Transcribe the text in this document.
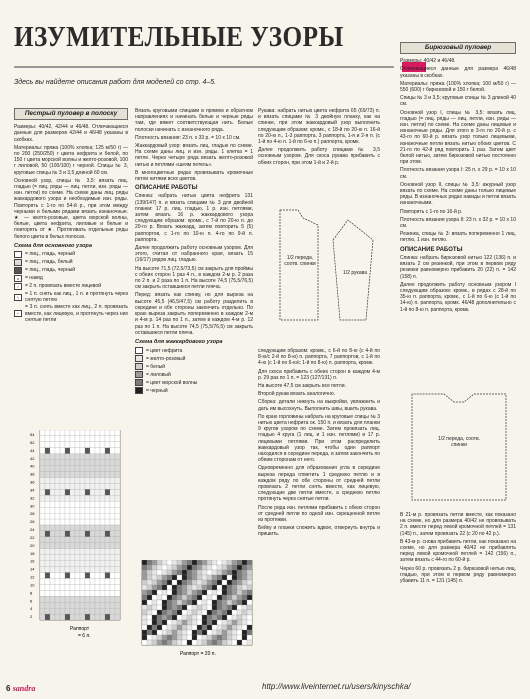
ИЗУМИТЕЛЬНЫЕ УЗОРЫ
Здесь вы найдете описания работ для моделей со стр. 4–5.
Пестрый пуловер в полоску

Размеры: 40/42, 42/44 и 46/48. Отличающиеся данные для размеров 42/44 и 46/48 указаны в скобках.

Материалы: пряжа (100% хлопка; 125 м/50 г) — по 200 (250/250) г цвета нефрита и белой, по 150 г цвета морской волны и желто-розовой, 100 г лиловой, 50 (100/100) г черной. Спицы № 3, круговые спицы № 3 и 3,5 длиной 60 см.

Основной узор, спицы № 3,5: вязать лиц. гладью (= лиц. ряды — лиц. петли, изн. ряды — изн. петли) по схеме. На схеме даны лиц. ряды жаккардового узора и необходимые изн. ряды. Повторять с 1-го по 54-й р., при этом между черными и белыми рядами вязать изнаночные. ★ — желто-розовые, цвета морской волны, белые, цвета нефрита, лиловые и белые и повторять от ★. Протягивать отдельные ряды белого цвета в белых полосах.

Схема для основного узора
= лиц., гладь, черный
= лиц., гладь, белый
= лиц., гладь, черный
o	= накид
/	= 2 п. провязать вместе лицевой
\
= 1 п. снять как лиц., 1 п. и протянуть через снятую петлю
^
= 3 п. снять вместе как лиц., 2 п. провязать вместе, как лицевую, и протянуть через них снятые петли
54
52
44
42
40
38
36
34
32
30
28
26
24
22
20
18
16
14
12
10
8
6
4
2
Раппорт
= 6 п.

Вязать круговыми спицами в прямом и обратном направлениях и начинать белые и черные ряды там, где вяжет соответствующая нить. Белые полоски начинать с изнаночного ряда.

Плотность вязания: 23 п. x 33 р. = 10 x 10 см.

Жаккардовый узор: вязать лиц. гладью по схеме. На схеме даны лиц. и изн. ряды. 1 клетка = 1 петле. Через четыре ряда вязать желто-розовой нитью и петлями «шеям петель».

В многоцветных рядах провязывать кромочные петли нитями всех цветов.

ОПИСАНИЕ РАБОТЫ

Спинка: набрать нитью цвета нефрита 131 (139/147) п. и вязать спицами № 3 для двойной планки: 17 р. лиц. гладью, 1 р. изн. петлями, затем вязать 16 р. жаккардового узора следующим образом: кромк., с 7-й по 20-ю п. до 20-го р. Вязать жаккард, затем повторить 5 (5) раппортов, с 1-го по 10-ю п. 4-го по 9-й п. раппорта.

Далее продолжить работу основным узором. Для этого, считая от набранного края, вязать 15 (16/17) рядов лиц. гладью.

На высоте 71,5 (72,5/73,5) см закрыть для проймы с обеих сторон 1 раз 4 п., в каждом 2-м р. 2 раза по 2 п. и 2 раза по 1 п. На высоте 74,5 (75,5/76,5) см закрыть оставшиеся петли плеча.

Перед: вязать как спинку, но для выреза на высоте 45,5 (46,5/47,5) см работу разделить в середине и обе стороны закончить отдельно. По краю выреза закрыть попеременно в каждом 2-м и 4-м р. 14 раз по 1 п., затем в каждом 4-м р. 12 раз по 1 п. На высоте 74,5 (75,5/76,5) см закрыть оставшиеся петли плеча.

Схема для жаккардового узора
= цвет нефрита
= желто-розовый
= белый
= лиловый
= цвет морской волны
= черный
Раппорт = 20 п.

Рукава: набрать нитью цвета нефрита 65 (69/73) п. и вязать спицами № 3 двойную планку, как на спинке, при этом жаккардовый узор выполнить следующим образом: кромк., с 18-й по 20-ю п. 16-й по 20-ю п., 1-3 раппорта, 3 раппорта, 1-я и 2-я п. (с 1-й по 4-ю п. 1-й по 6-ю п.) раппорта, кромк.

Далее продолжить работу спицами № 3,5 основным узором. Для скоса рукава прибавить с обеих сторон, при этом 1-й и 2-й р.

1/2 переда, соотв. спинки
1/2 рукава

следующим образом: кромк., с 6-й по 8-ю (с 4-й по 8-ю/с 2-й по 8-ю) п. раппорта, 7 раппортов, с 1-й по 4-ю (с 1-й по 6-ю/с 1-й по 8-ю) п. раппорта, кромк.

Для скоса прибавить с обеих сторон в каждом 4-м р. 29 раз по 1 п. = 123 (127/131) п.

На высоте 47,5 см закрыть все петли.

Второй рукав вязать аналогично.

Сборка: детали никнуть на выкройки, увлажнить и дать им высохнуть. Выполнить швы, вшить рукава.

По краю горловины набрать на круговые спицы № 3 нитью цвета нефрита ок. 150 п. и вязать для планки 9 кругов узором по схеме. Затем провязать лиц. гладью 4 круга (1 лиц. и 1 изн. петлями) и 17 р. лицевыми петлями. При этом распределить жаккардовый узор так, чтобы один раппорт находился в середине переда, и затем закончить по обеим сторонам от него.

Одновременно для образования угла в середине выреза переда отметить 1 среднюю петлю и в каждом ряду по обе стороны от средней петли провязать 2 петли снять вместе, как лицевую, следующие две петли вместе, а среднюю петлю протянуть через снятые петли.

После ряда изн. петлями прибавить с обеих сторон от средней петли по одной изн. скрещенной петле из протяжки.

Бейку и планки сложить вдвое, отвернуть внутрь и пришить.

Бирюзовый пуловер

Размеры: 40/42 и 46/48.

Отличающиеся данные для размера 46/48 указаны в скобках.

Материалы: пряжа (100% хлопка; 100 м/50 г) — 550 (600) г бирюзовой и 150 г белой.

Спицы № 3 и 3,5; круговые спицы № 3 длиной 40 см.

Основной узор I, спицы № 3,5: вязать лиц. гладью (= лиц. ряды — лиц. петли, изн. ряды — изн. петли) по схеме. На схеме даны лицевые и изнаночные ряды. Для этого в 3-го по 20-й р. с 43-го по 60-й р. вязать узор только лицевыми, изнаночные петли вязать нитью обоих цветов. С 21-го по 42-й ряд повторить 1 раз. Затем цвет белой нитью, затем бирюзовой нитью постоянно при этом.

Плотность вязания узора I: 25 п. x 29 р. = 10 x 10 см.

Основной узор II, спицы № 3,5: ажурный узор вязать по схеме. На схеме даны только лицевые ряды. В изнаночных рядах накиды и петли вязать изнаночными.

Повторять с 1-го по 16-й р.

Плотность вязания узора II: 23 п. x 32 р. = 10 x 10 см.

Резинка, спицы № 3: вязать попеременно 1 лиц. петлю, 1 изн. петлю.

ОПИСАНИЕ РАБОТЫ

Спинка: набрать бирюзовой нитью 122 (136) п. и вязать 2 см резинкой, при этом в первом ряду резинки равномерно прибавить 20 (22) п. = 142 (158) п.

Далее продолжить работу основным узором I следующим образом: кромк., в рядах с 28-й по 35-ю п. раппорта, кромк., с 1-й по 6-ю (с 1-й по 14-ю) п. раппорта, кромк. 46/48 дополнительно с 1-й по 8-ю п. раппорта, кромк.

1/2 переда, соотв. спинки

В 21-м р. провязать петли вместе, как показано на схеме, но для размера 40/42 не провязывать 2 п. вместе перед левой кромочной петлей = 131 (145) п., затем провязать 22 (с 20 по 42 р.).

В 43-м р. снова прибавить петли, как показано на схеме, но для размера 40/42 не прибавлять перед левой кромочной петлей = 142 (156) п., затем вязать с 44-го по 60-й р.

Через 60 р. провязать 2 р. бирюзовой нитью лиц. гладью, при этом в первом ряду равномерно убавить 11 п. = 131 (145) п.

6 sandra	http://www.liveinternet.ru/users/kinyschka/
